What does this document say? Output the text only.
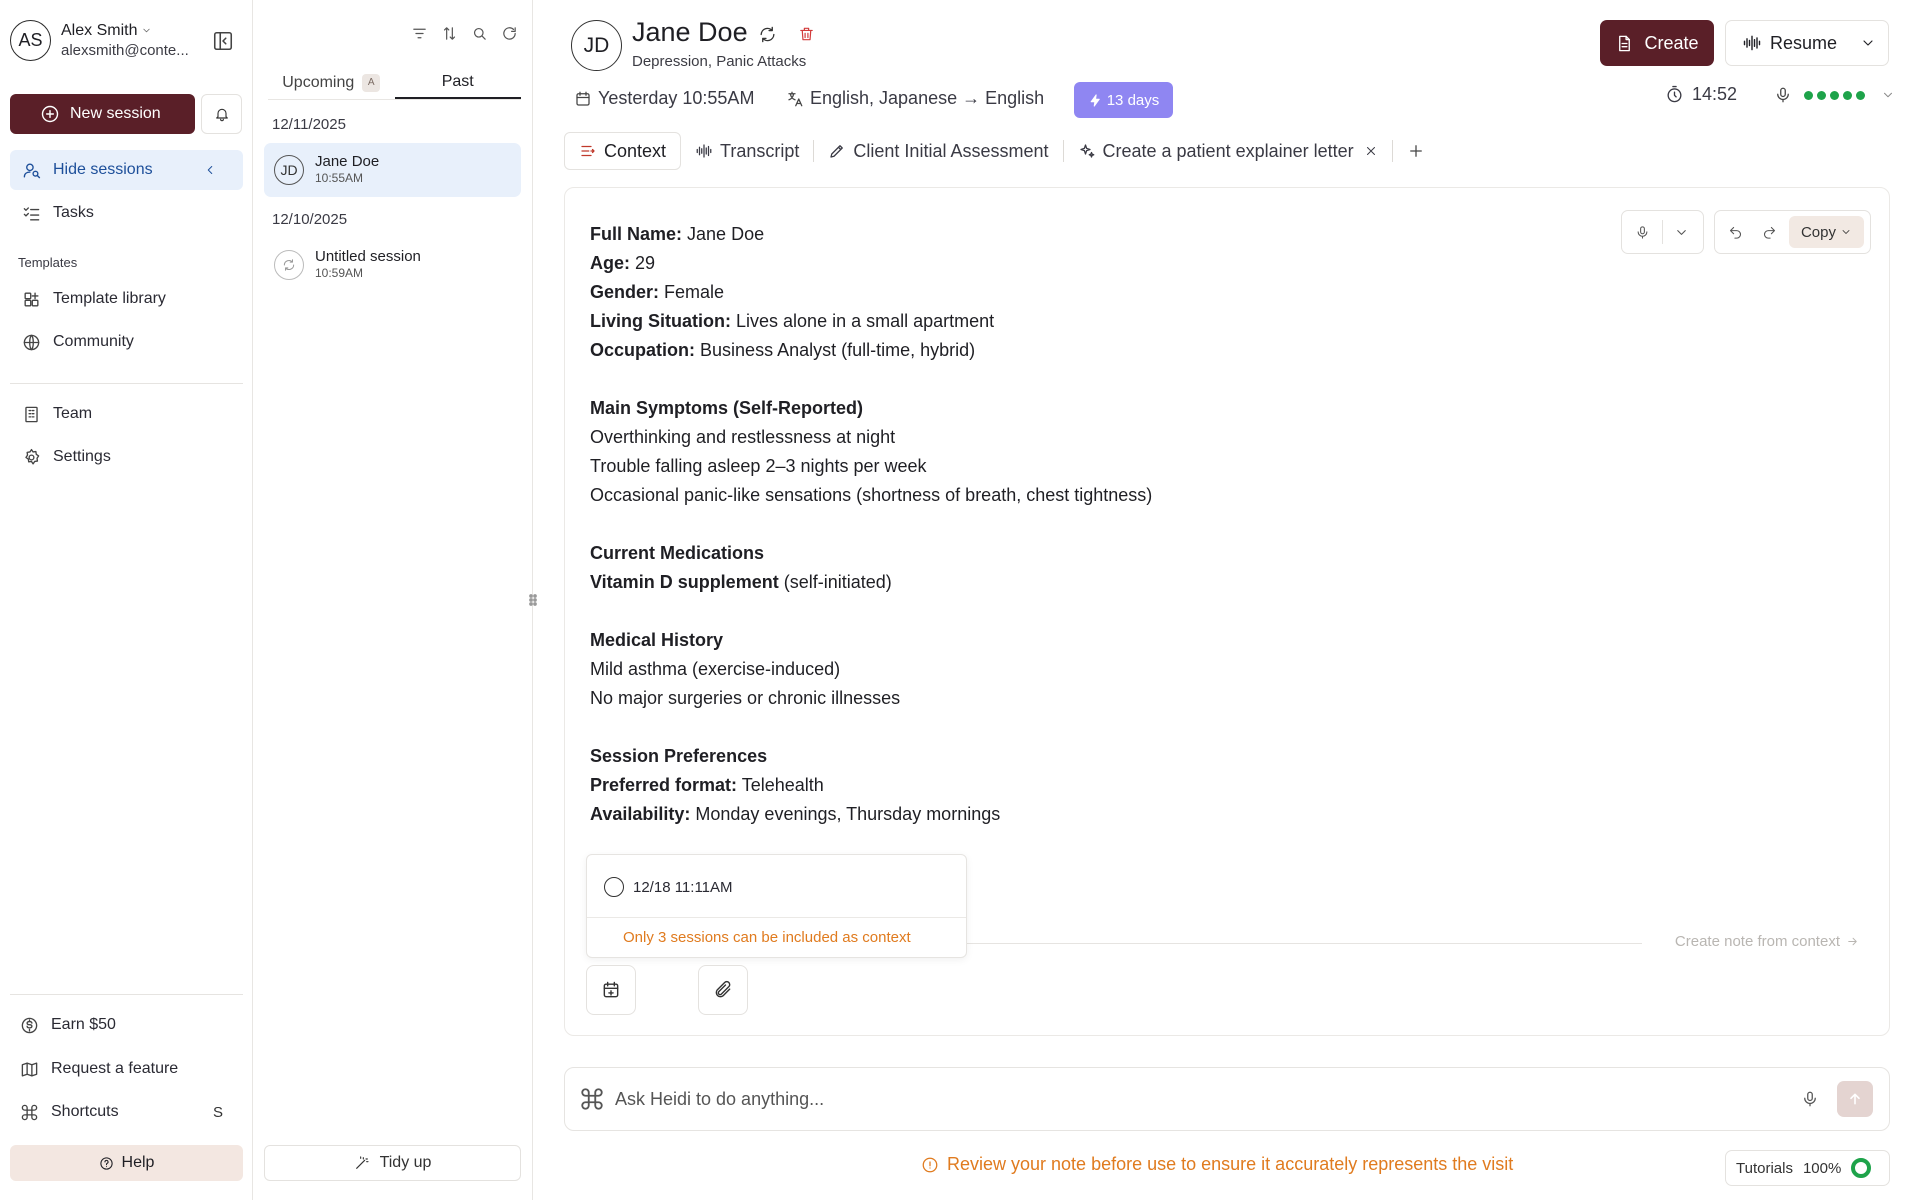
AS	Alex Smith
alexsmith@conte...
New session
Hide sessions
Tasks
Templates
Template library
Community
Team
Settings
Earn $50
Request a feature
Shortcuts	S
Help
Upcoming	A	Past
12/11/2025
JD	Jane Doe
10:55AM
12/10/2025
Untitled session
10:59AM
Tidy up
JD Jane Doe
Depression, Panic Attacks
Create	Resume
Yesterday 10:55AM	English, Japanese → English	13 days	14:52
Context	Transcript	Client Initial Assessment	Create a patient explainer letter
Copy

Full Name: Jane Doe

Age: 29

Gender: Female

Living Situation: Lives alone in a small apartment

Occupation: Business Analyst (full-time, hybrid)

Main Symptoms (Self-Reported)

Overthinking and restlessness at night

Trouble falling asleep 2–3 nights per week

Occasional panic-like sensations (shortness of breath, chest tightness)

Current Medications

Vitamin D supplement (self-initiated)

Medical History

Mild asthma (exercise-induced)

No major surgeries or chronic illnesses

Session Preferences

Preferred format: Telehealth

Availability: Monday evenings, Thursday mornings

Create note from context
12/18 11:11AM
Only 3 sessions can be included as context
Ask Heidi to do anything...
Review your note before use to ensure it accurately represents the visit	Tutorials 100%
